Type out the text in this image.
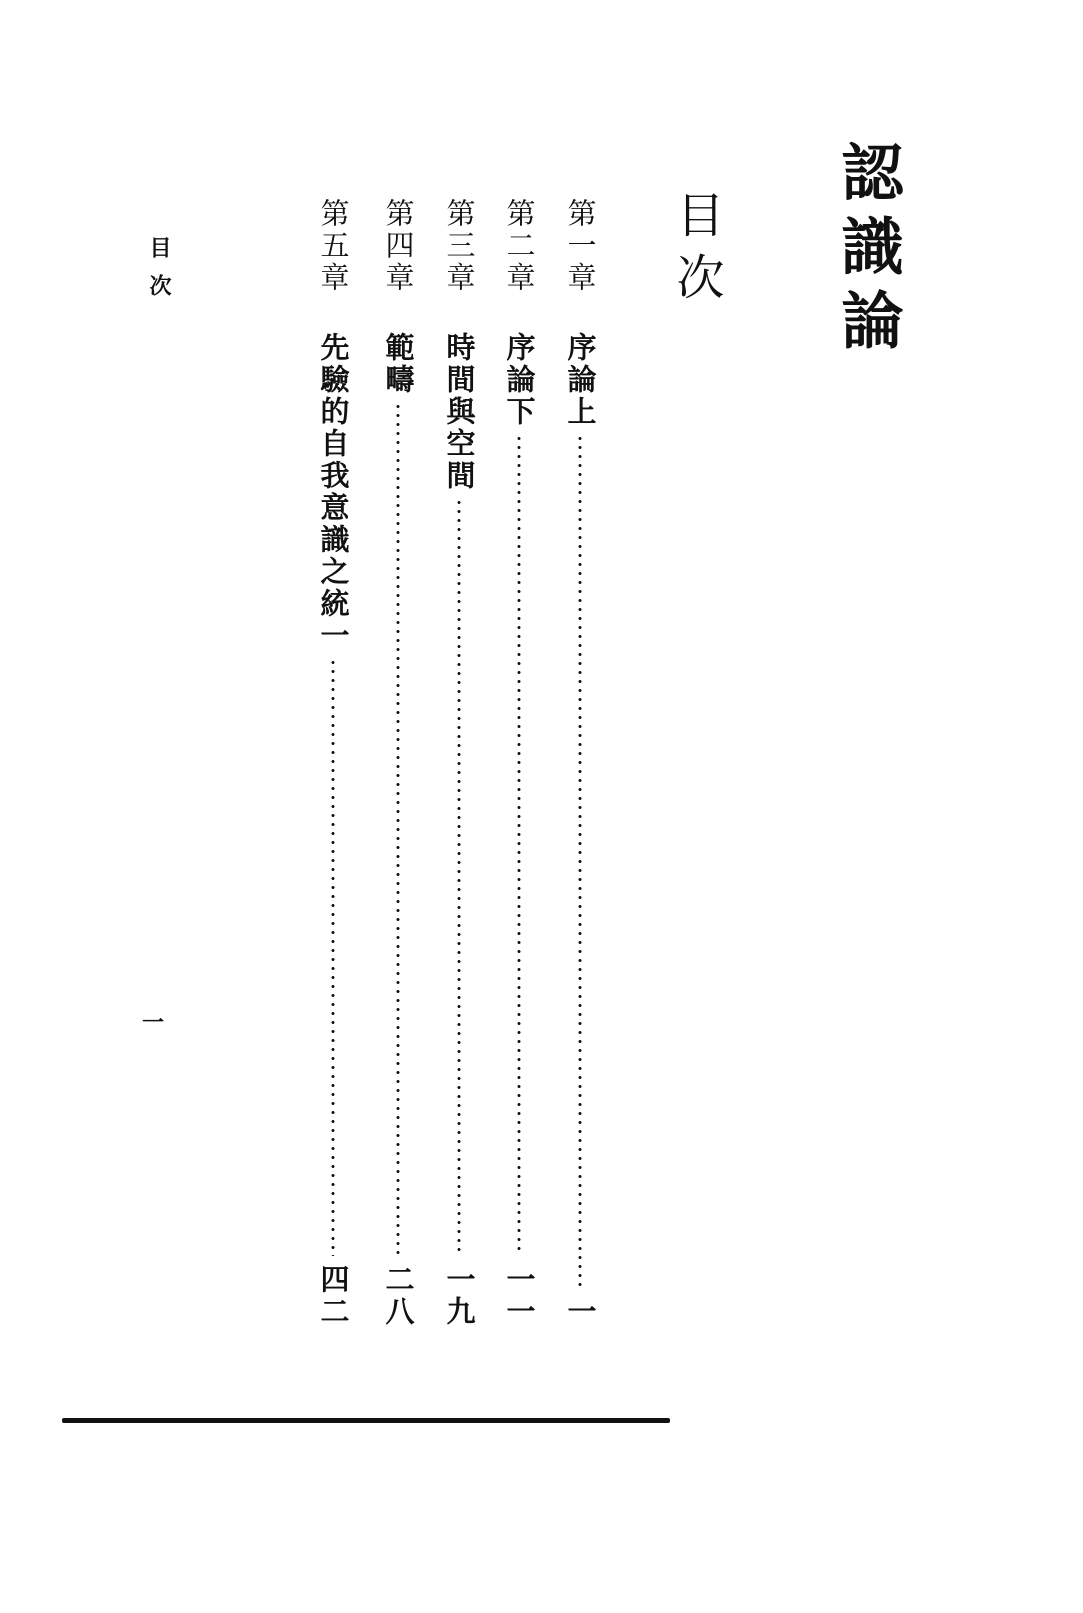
認識論
目次
第一章
序論上
一
第二章
序論下
一一
第三章
時間與空間
一九
第四章
範疇
二八
第五章
先驗的自我意識之統一
四二
目次
一
